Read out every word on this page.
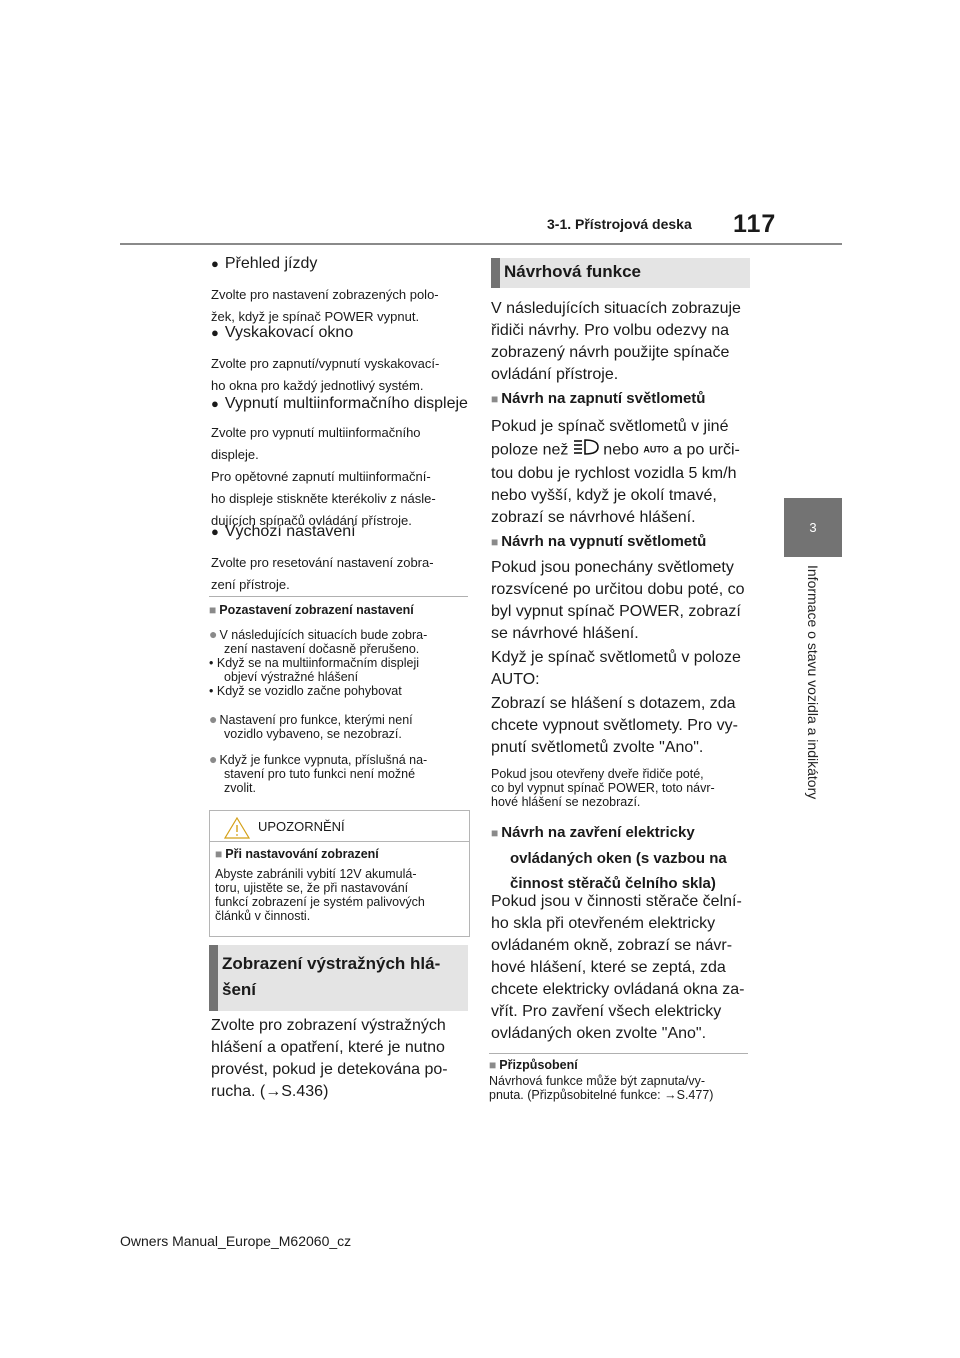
3-1. Přístrojová deska 117
3
Informace o stavu vozidla a indikátory
● Přehled jízdy
Zvolte pro nastavení zobrazených polo-
žek, když je spínač POWER vypnut.
● Vyskakovací okno
Zvolte pro zapnutí/vypnutí vyskakovací-
ho okna pro každý jednotlivý systém.
● Vypnutí multiinformačního displeje
Zvolte pro vypnutí multiinformačního
displeje.
Pro opětovné zapnutí multiinformační-
ho displeje stiskněte kterékoliv z násle-
dujících spínačů ovládání přístroje.
● Výchozí nastavení
Zvolte pro resetování nastavení zobra-
zení přístroje.
■ Pozastavení zobrazení nastavení
● V následujících situacích bude zobra-
zení nastavení dočasně přerušeno.
• Když se na multiinformačním displeji
objeví výstražné hlášení
• Když se vozidlo začne pohybovat
● Nastavení pro funkce, kterými není
vozidlo vybaveno, se nezobrazí.
● Když je funkce vypnuta, příslušná na-
stavení pro tuto funkci není možné
zvolit.
UPOZORNĚNÍ
■ Při nastavování zobrazení
Abyste zabránili vybití 12V akumulá-
toru, ujistěte se, že při nastavování
funkcí zobrazení je systém palivových
článků v činnosti.
Zobrazení výstražných hlá-
šení
Zvolte pro zobrazení výstražných
hlášení a opatření, které je nutno
provést, pokud je detekována po-
rucha. (→S.436)
Návrhová funkce
V následujících situacích zobrazuje
řidiči návrhy. Pro volbu odezvy na
zobrazený návrh použijte spínače
ovládání přístroje.
■ Návrh na zapnutí světlometů
Pokud je spínač světlometů v jiné
poloze než nebo AUTO a po urči-
tou dobu je rychlost vozidla 5 km/h
nebo vyšší, když je okolí tmavé,
zobrazí se návrhové hlášení.
■ Návrh na vypnutí světlometů
Pokud jsou ponechány světlomety
rozsvícené po určitou dobu poté, co
byl vypnut spínač POWER, zobrazí
se návrhové hlášení.
Když je spínač světlometů v poloze
AUTO:
Zobrazí se hlášení s dotazem, zda
chcete vypnout světlomety. Pro vy-
pnutí světlometů zvolte "Ano".
Pokud jsou otevřeny dveře řidiče poté,
co byl vypnut spínač POWER, toto návr-
hové hlášení se nezobrazí.
■ Návrh na zavření elektricky
ovládaných oken (s vazbou na
činnost stěračů čelního skla)
Pokud jsou v činnosti stěrače čelní-
ho skla při otevřeném elektricky
ovládaném okně, zobrazí se návr-
hové hlášení, které se zeptá, zda
chcete elektricky ovládaná okna za-
vřít. Pro zavření všech elektricky
ovládaných oken zvolte "Ano".
■ Přizpůsobení
Návrhová funkce může být zapnuta/vy-
pnuta. (Přizpůsobitelné funkce: →S.477)
Owners Manual_Europe_M62060_cz
